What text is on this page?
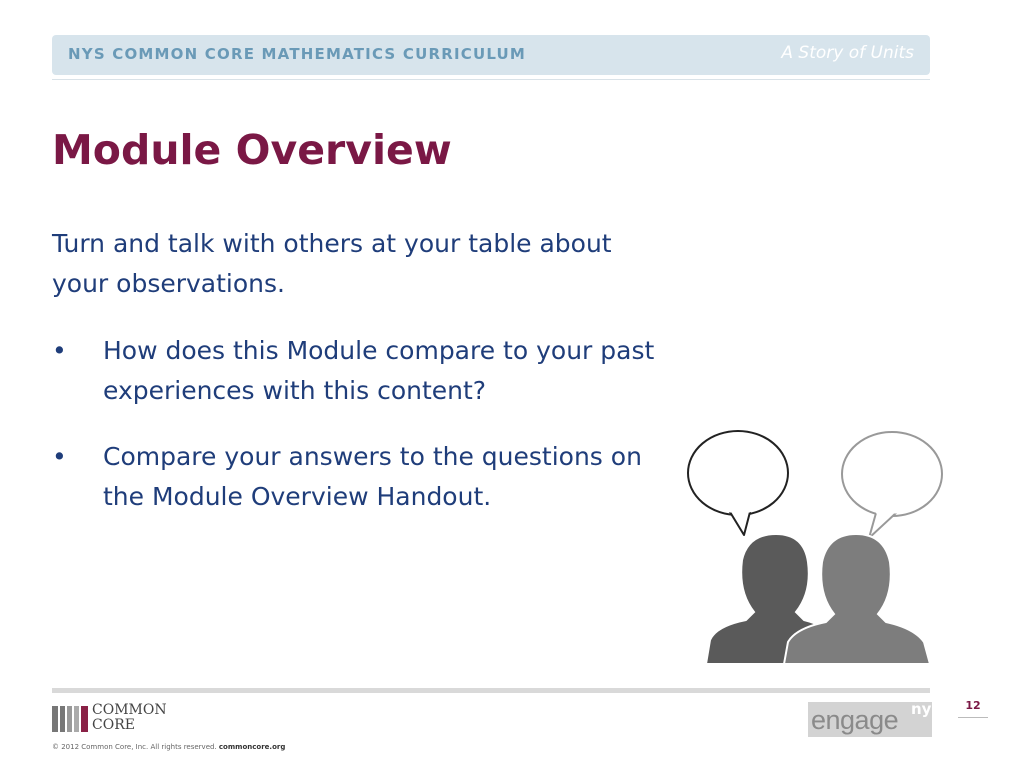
NYS COMMON CORE MATHEMATICS CURRICULUM	A Story of Units
Module Overview
Turn and talk with others at your table about your observations.
• How does this Module compare to your past experiences with this content?
• Compare your answers to the questions on the Module Overview Handout.
COMMON
CORE
© 2012 Common Core, Inc. All rights reserved. commoncore.org
engage ny	12
